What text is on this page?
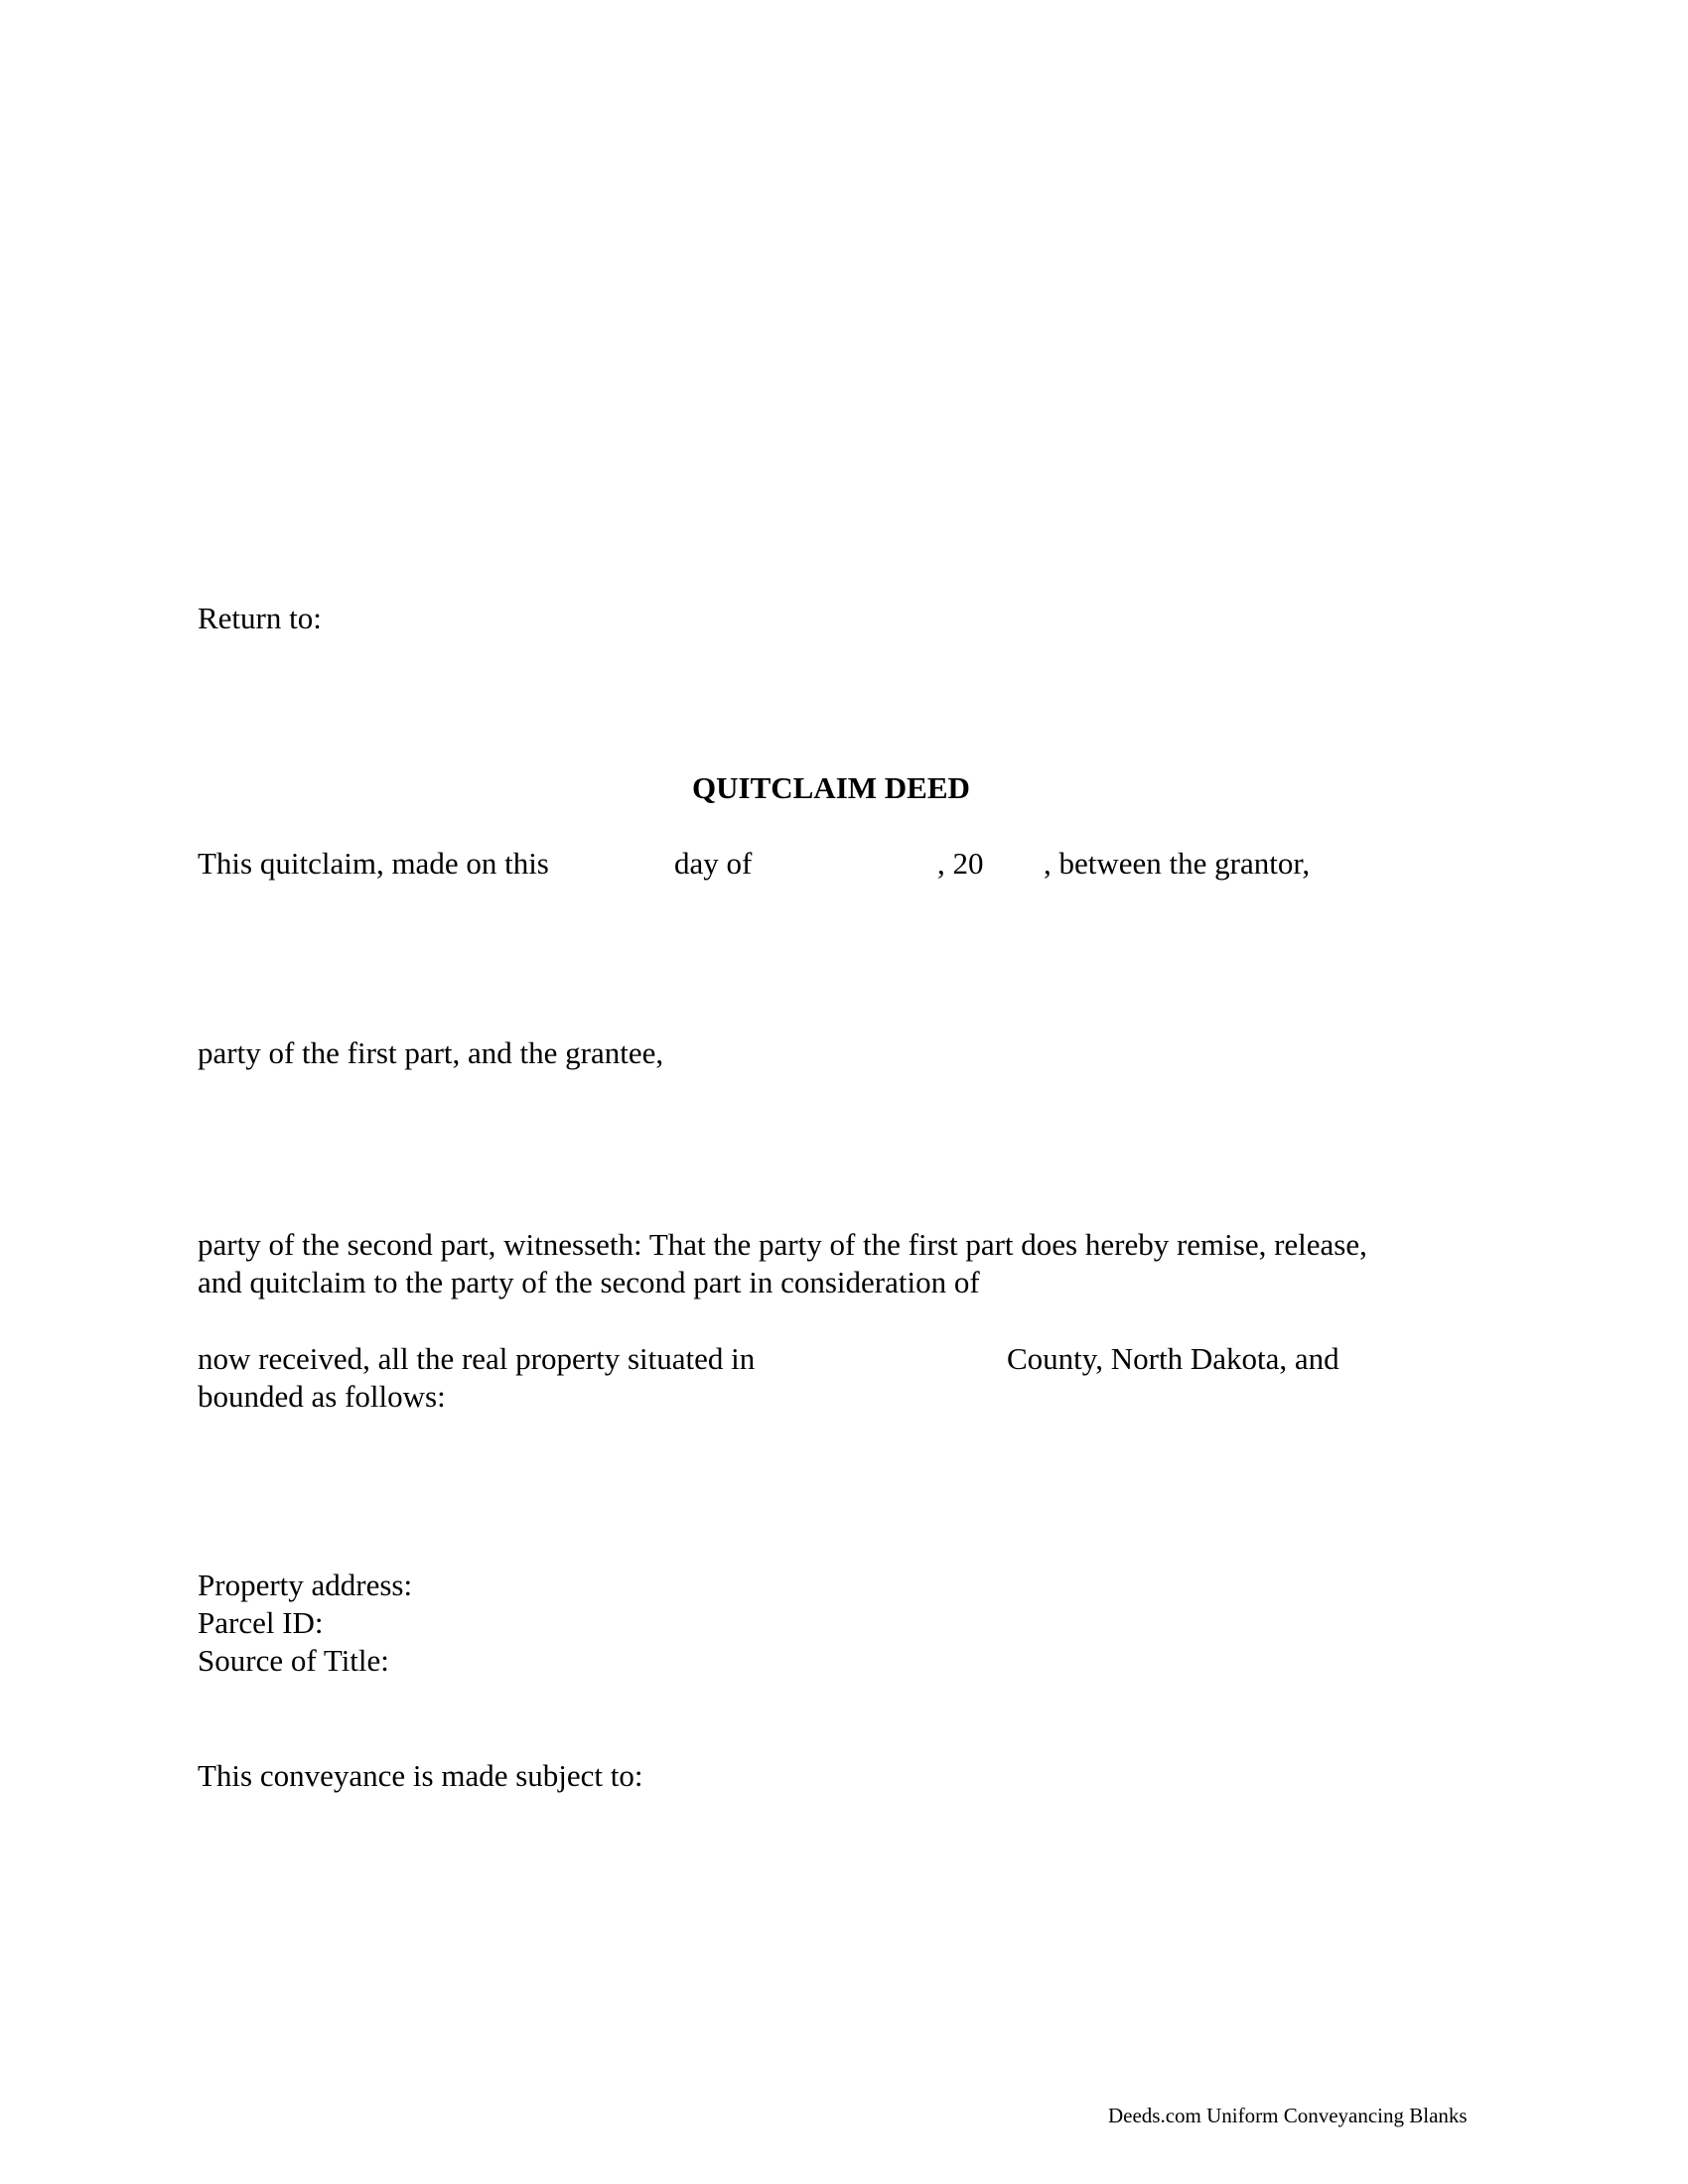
Return to:

QUITCLAIM DEED

This quitclaim, made on this	day of	, 20 , between the grantor,

party of the first part, and the grantee,

party of the second part, witnesseth: That the party of the first part does hereby remise, release,

and quitclaim to the party of the second part in consideration of

now received, all the real property situated in	County, North Dakota, and

bounded as follows:

Property address:

Parcel ID:

Source of Title:

This conveyance is made subject to:

Deeds.com Uniform Conveyancing Blanks
